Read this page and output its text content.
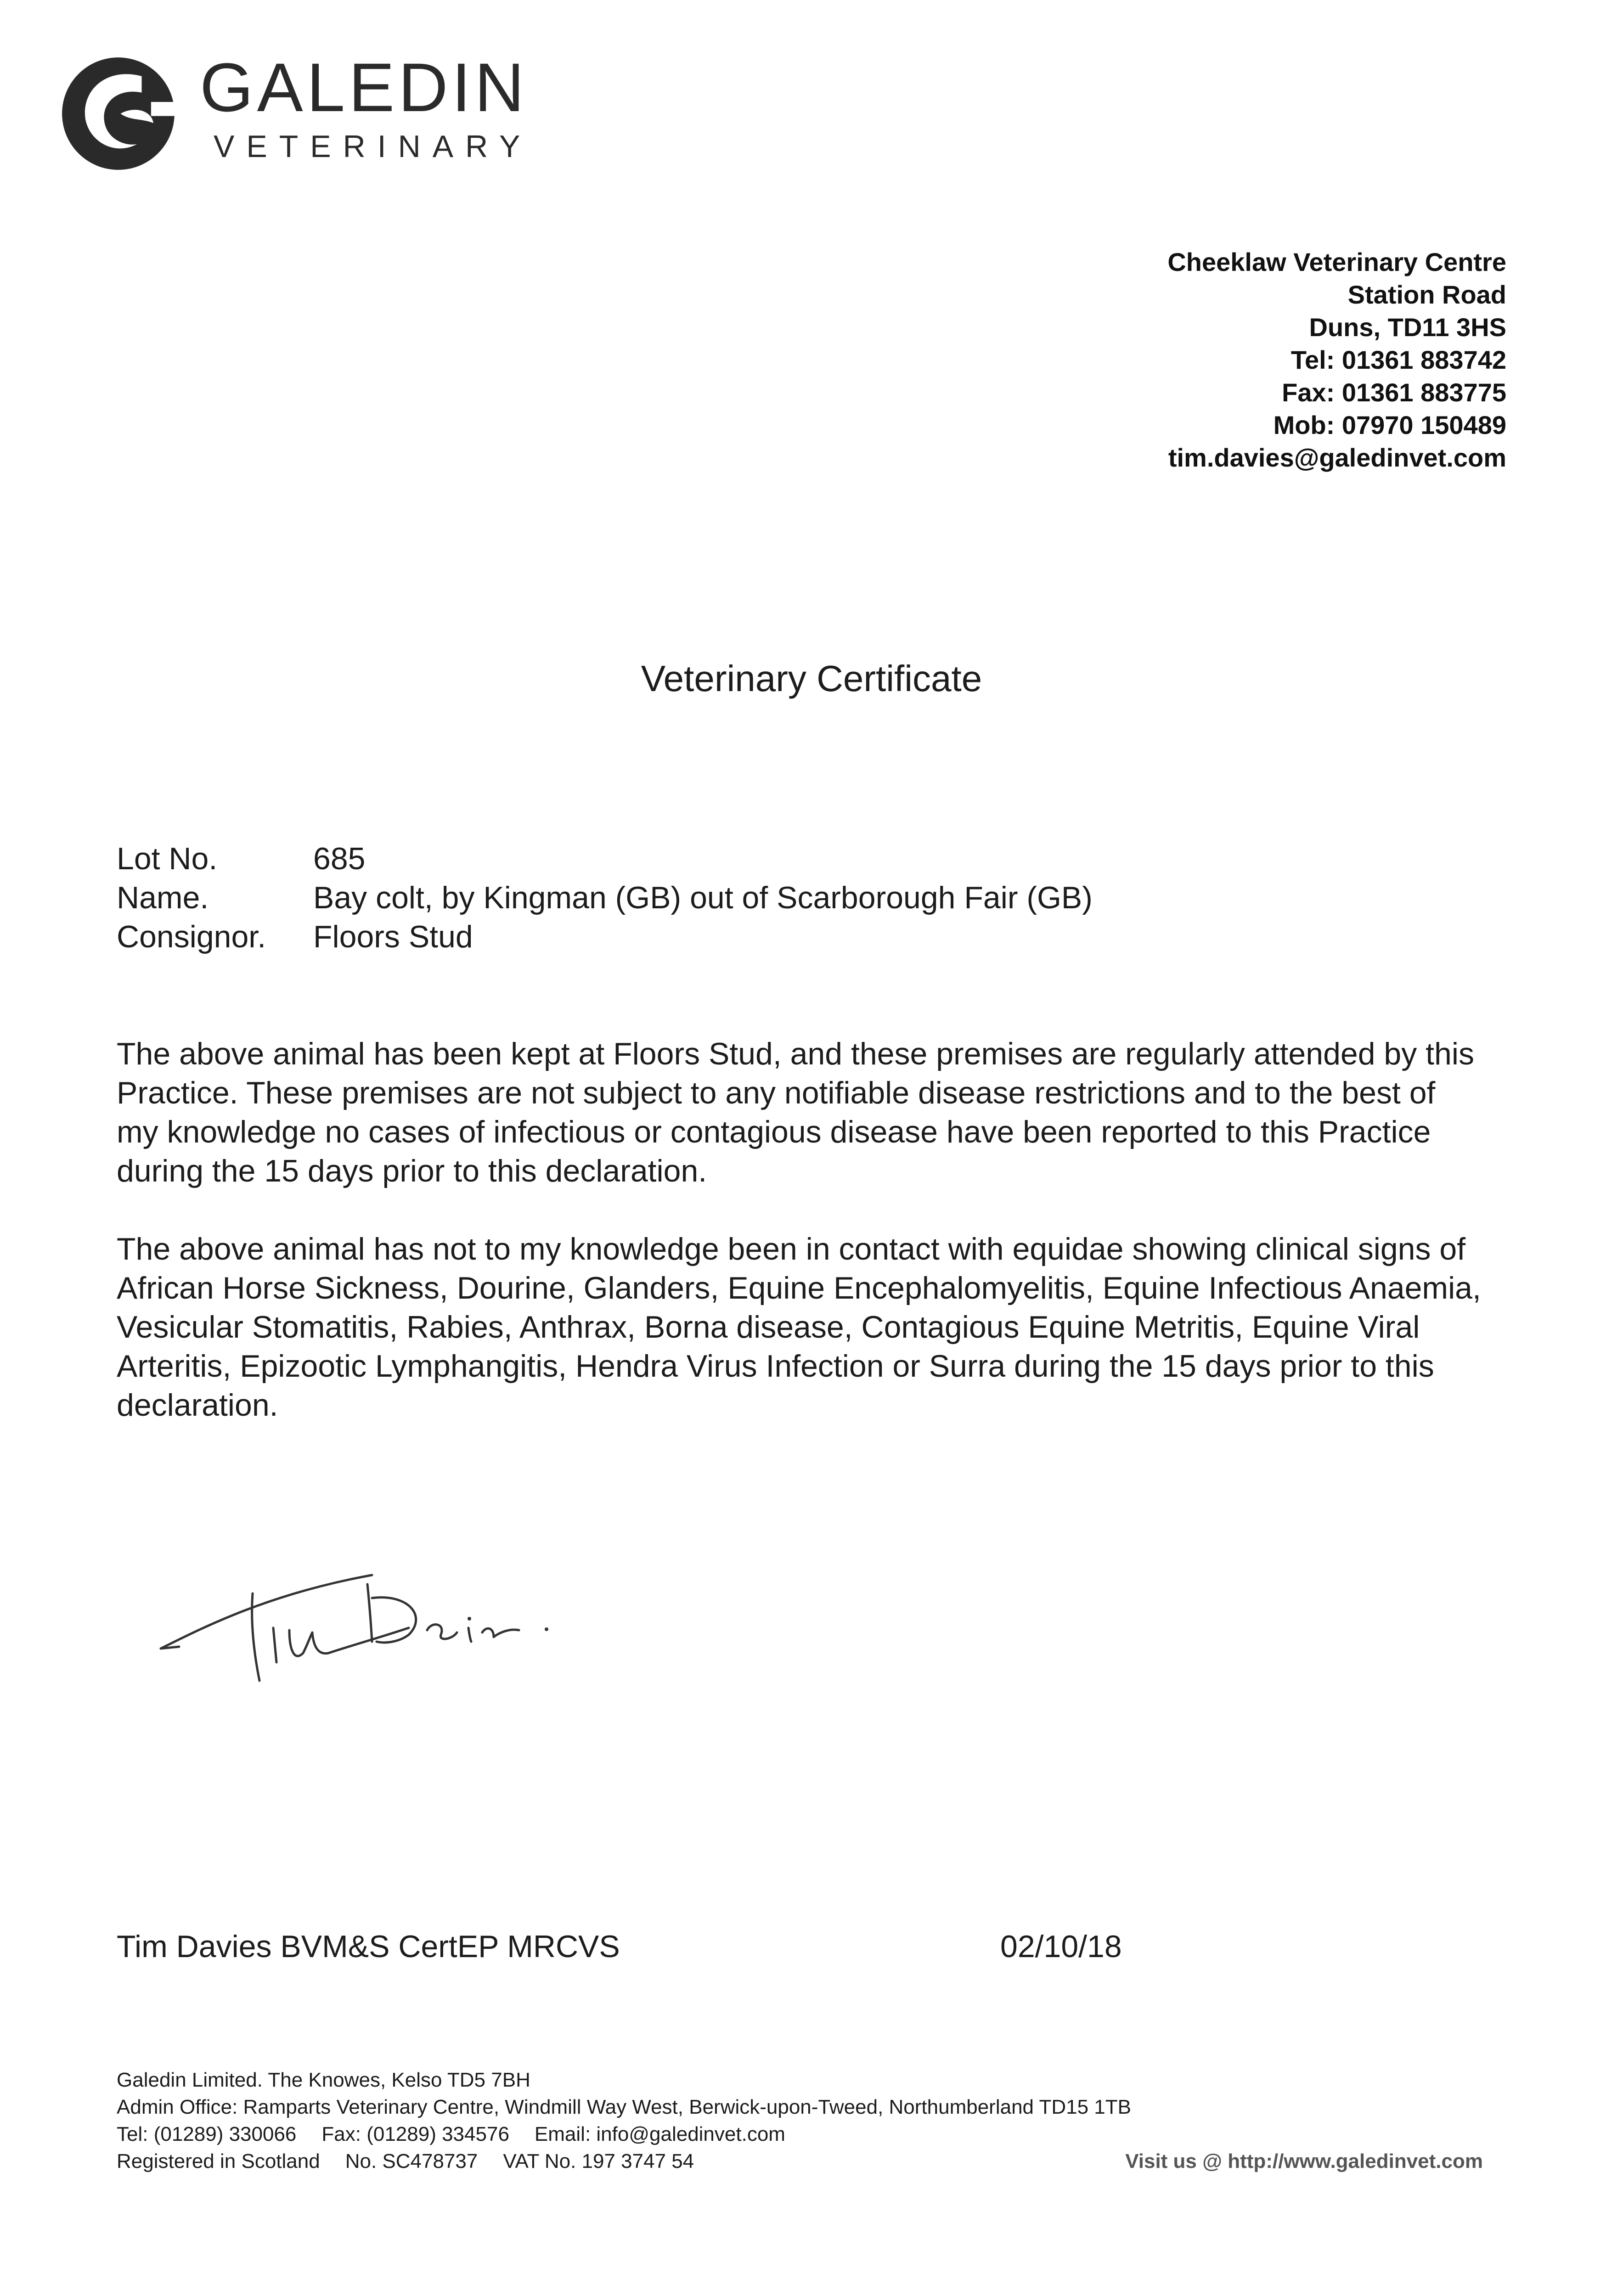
GALEDIN
VETERINARY
Cheeklaw Veterinary Centre
Station Road
Duns, TD11 3HS
Tel: 01361 883742
Fax: 01361 883775
Mob: 07970 150489
tim.davies@galedinvet.com
Veterinary Certificate
Lot No.	685
Name.	Bay colt, by Kingman (GB) out of Scarborough Fair (GB)
Consignor.	Floors Stud
The above animal has been kept at Floors Stud, and these premises are regularly attended by this
Practice. These premises are not subject to any notifiable disease restrictions and to the best of
my knowledge no cases of infectious or contagious disease have been reported to this Practice
during the 15 days prior to this declaration.
The above animal has not to my knowledge been in contact with equidae showing clinical signs of
African Horse Sickness, Dourine, Glanders, Equine Encephalomyelitis, Equine Infectious Anaemia,
Vesicular Stomatitis, Rabies, Anthrax, Borna disease, Contagious Equine Metritis, Equine Viral
Arteritis, Epizootic Lymphangitis, Hendra Virus Infection or Surra during the 15 days prior to this
declaration.
Tim Davies BVM&S CertEP MRCVS	02/10/18
Galedin Limited. The Knowes, Kelso TD5 7BH
Admin Office: Ramparts Veterinary Centre, Windmill Way West, Berwick-upon-Tweed, Northumberland TD15 1TB
Tel: (01289) 330066 Fax: (01289) 334576 Email: info@galedinvet.com
Registered in Scotland No. SC478737 VAT No. 197 3747 54	Visit us @ http://www.galedinvet.com
